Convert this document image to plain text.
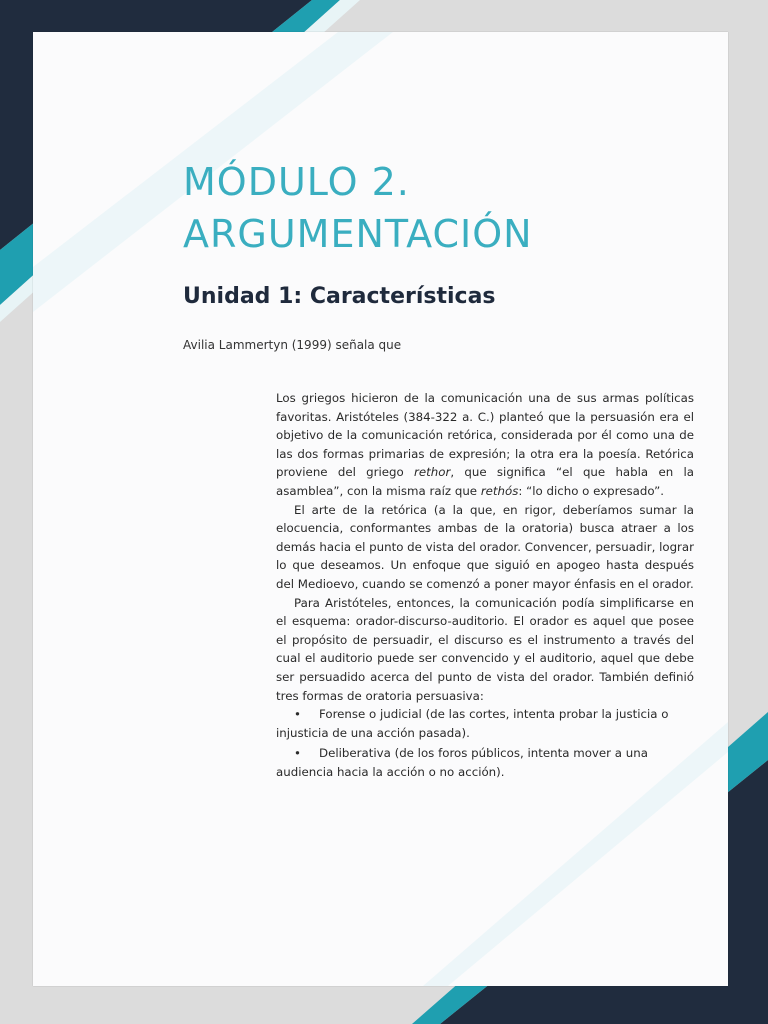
MÓDULO 2.
ARGUMENTACIÓN
Unidad 1: Características

Avilia Lammertyn (1999) señala que

Los griegos hicieron de la comunicación una de sus armas políticas favoritas. Aristóteles (384-322 a. C.) planteó que la persuasión era el objetivo de la comunicación retórica, considerada por él como una de las dos formas primarias de expresión; la otra era la poesía. Retórica proviene del griego rethor, que significa “el que habla en la asamblea”, con la misma raíz que rethós: “lo dicho o expresado”.

El arte de la retórica (a la que, en rigor, deberíamos sumar la elocuencia, conformantes ambas de la oratoria) busca atraer a los demás hacia el punto de vista del orador. Convencer, persuadir, lograr lo que deseamos. Un enfoque que siguió en apogeo hasta después del Medioevo, cuando se comenzó a poner mayor énfasis en el orador.

Para Aristóteles, entonces, la comunicación podía simplificarse en el esquema: orador-discurso-auditorio. El orador es aquel que posee el propósito de persuadir, el discurso es el instrumento a través del cual el auditorio puede ser convencido y el auditorio, aquel que debe ser persuadido acerca del punto de vista del orador. También definió tres formas de oratoria persuasiva:

• Forense o judicial (de las cortes, intenta probar la justicia o injusticia de una acción pasada).
• Deliberativa (de los foros públicos, intenta mover a una audiencia hacia la acción o no acción).
